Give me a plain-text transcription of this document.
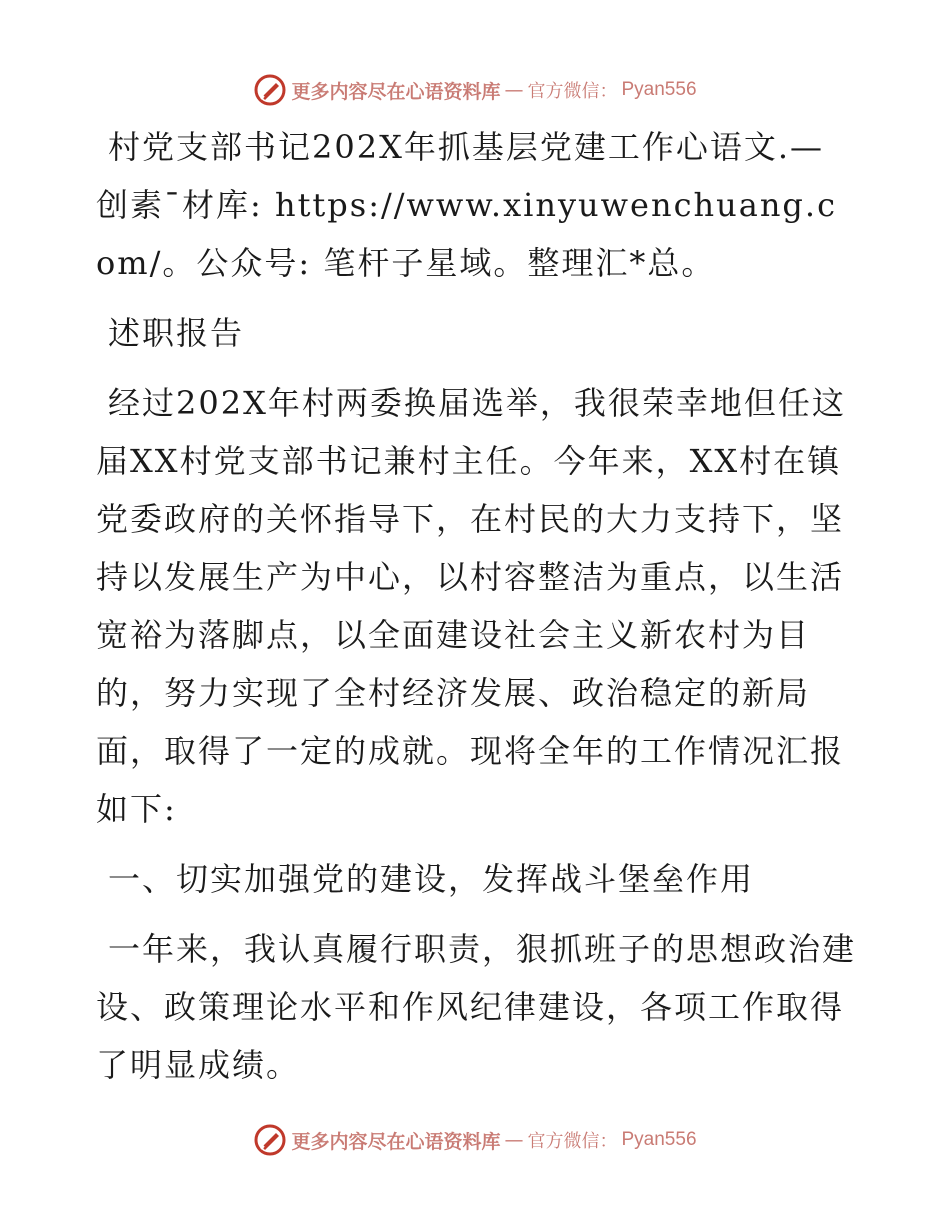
更多内容尽在心语资料库 — 官方微信： Pyan556

村党支部书记202X年抓基层党建工作心语文.—创素¯材库: https://www.xinyuwenchuang.com/。公众号: 笔杆子星域。整理汇*总。

述职报告

经过202X年村两委换届选举，我很荣幸地但任这届XX村党支部书记兼村主任。今年来，XX村在镇党委政府的关怀指导下，在村民的大力支持下，坚持以发展生产为中心，以村容整洁为重点，以生活宽裕为落脚点，以全面建设社会主义新农村为目的，努力实现了全村经济发展、政治稳定的新局面，取得了一定的成就。现将全年的工作情况汇报如下:

一、切实加强党的建设，发挥战斗堡垒作用

一年来，我认真履行职责，狠抓班子的思想政治建设、政策理论水平和作风纪律建设，各项工作取得了明显成绩。

更多内容尽在心语资料库 — 官方微信： Pyan556
